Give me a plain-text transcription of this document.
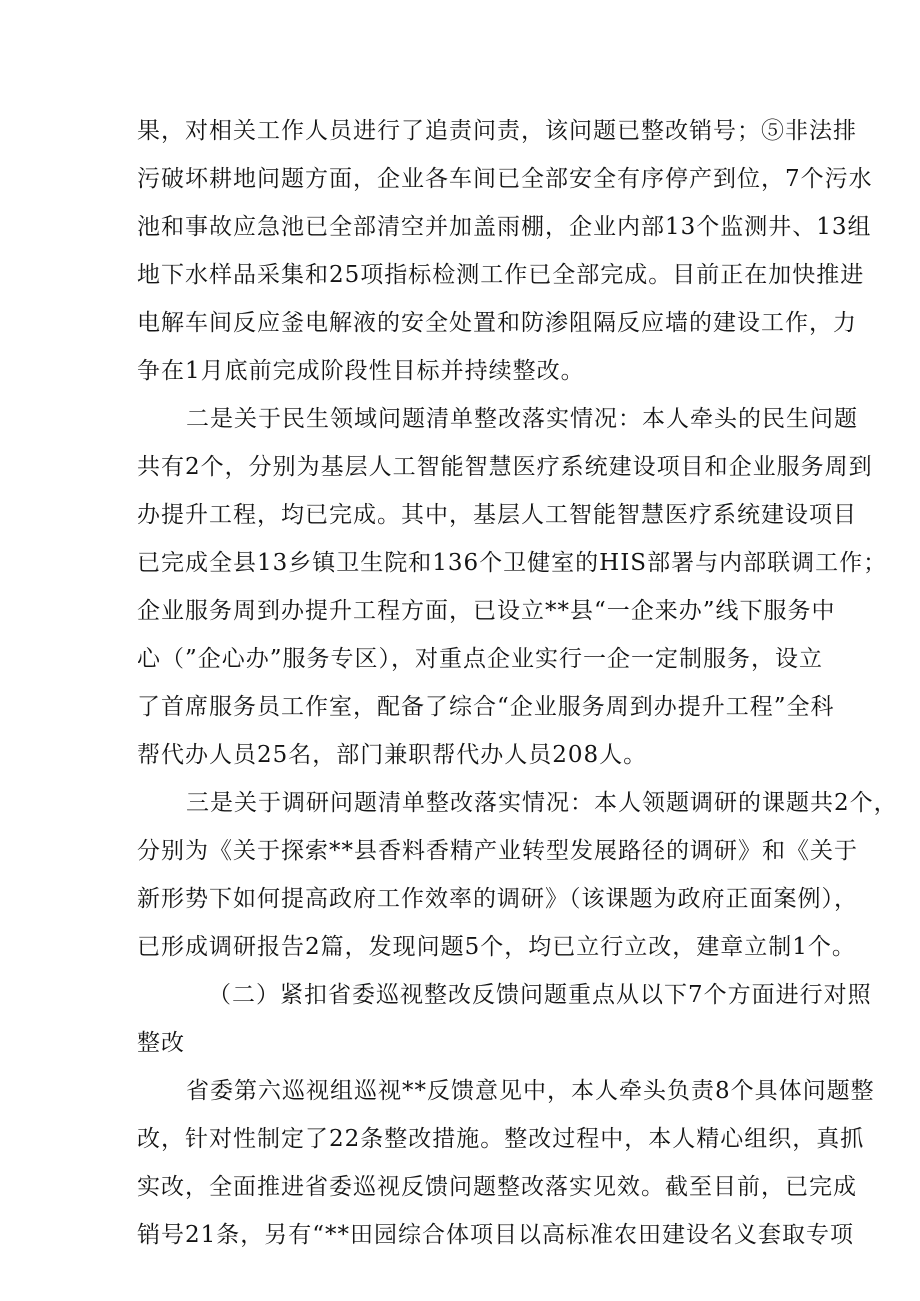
果，对相关工作人员进行了追责问责，该问题已整改销号；⑤非法排
污破坏耕地问题方面，企业各车间已全部安全有序停产到位，7个污水
池和事故应急池已全部清空并加盖雨棚，企业内部13个监测井、13组
地下水样品采集和25项指标检测工作已全部完成。目前正在加快推进
电解车间反应釜电解液的安全处置和防渗阻隔反应墙的建设工作，力
争在1月底前完成阶段性目标并持续整改。
二是关于民生领域问题清单整改落实情况：本人牵头的民生问题
共有2个，分别为基层人工智能智慧医疗系统建设项目和企业服务周到
办提升工程，均已完成。其中，基层人工智能智慧医疗系统建设项目
已完成全县13乡镇卫生院和136个卫健室的HIS部署与内部联调工作；
企业服务周到办提升工程方面，已设立**县“一企来办”线下服务中
心（”企心办”服务专区），对重点企业实行一企一定制服务，设立
了首席服务员工作室，配备了综合“企业服务周到办提升工程”全科
帮代办人员25名，部门兼职帮代办人员208人。
三是关于调研问题清单整改落实情况：本人领题调研的课题共2个，
分别为《关于探索**县香料香精产业转型发展路径的调研》和《关于
新形势下如何提高政府工作效率的调研》（该课题为政府正面案例），
已形成调研报告2篇，发现问题5个，均已立行立改，建章立制1个。
（二）紧扣省委巡视整改反馈问题重点从以下7个方面进行对照
整改
省委第六巡视组巡视**反馈意见中，本人牵头负责8个具体问题整
改，针对性制定了22条整改措施。整改过程中，本人精心组织，真抓
实改，全面推进省委巡视反馈问题整改落实见效。截至目前，已完成
销号21条，另有“**田园综合体项目以高标准农田建设名义套取专项
